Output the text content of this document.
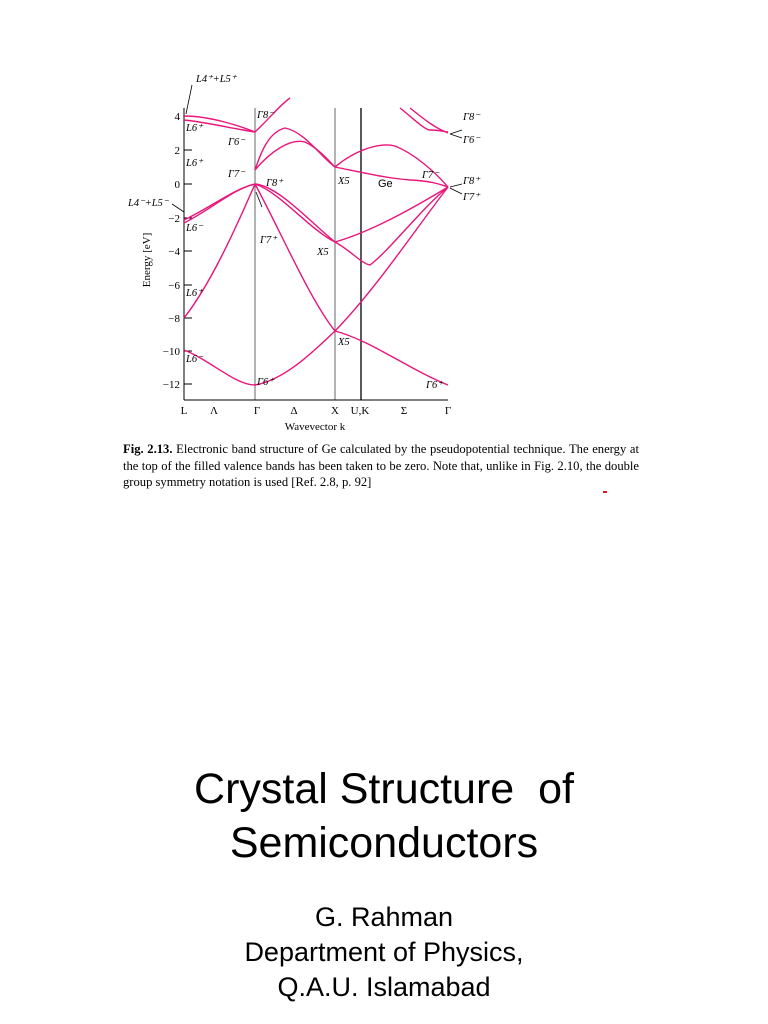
4
2
0
−2
−4
−6
−8
−10
−12
Energy [eV]
L Λ	Γ	Δ	X U,K	Σ	Γ
Wavevector k
L4⁺+L5⁺
L4⁻+L5⁻
L6⁺
L6⁺
L6⁻
L6⁺
L6⁻
Γ8⁻
Γ6⁻
Γ7⁻
Γ8⁺
Γ7⁺
Γ6⁺
X5
X5
X5
Γ7⁻
Γ8⁻
Γ6⁻
Γ8⁺
Γ7⁺
Γ6⁺
Ge
Fig. 2.13. Electronic band structure of Ge calculated by the pseudopotential technique. The energy at the top of the filled valence bands has been taken to be zero. Note that, unlike in Fig. 2.10, the double group symmetry notation is used [Ref. 2.8, p. 92]
Crystal Structure  of
Semiconductors
G. Rahman
Department of Physics,
Q.A.U. Islamabad
